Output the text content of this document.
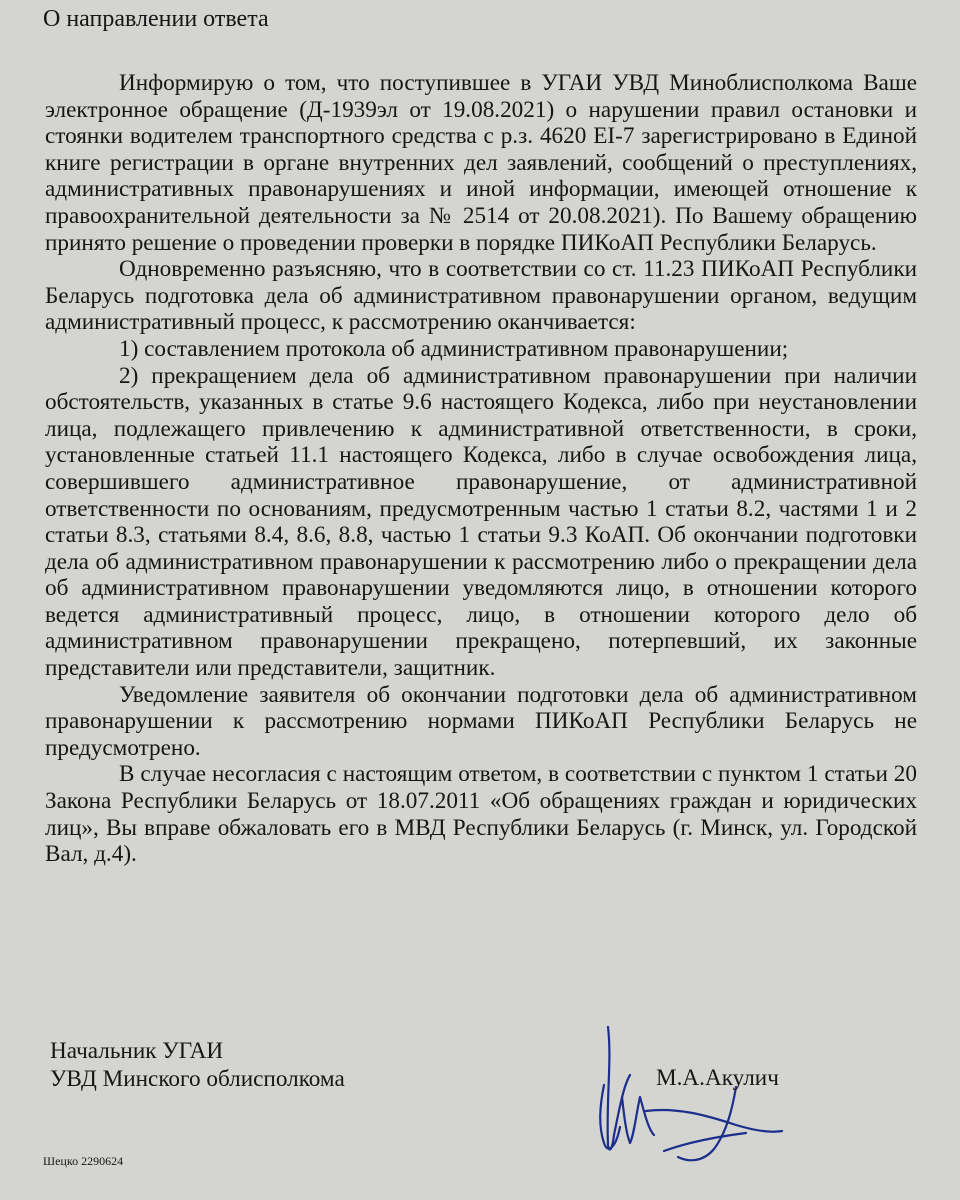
О направлении ответа

Информирую о том, что поступившее в УГАИ УВД Миноблисполкома Ваше электронное обращение (Д-1939эл от 19.08.2021) о нарушении правил остановки и стоянки водителем транспортного средства с р.з. 4620 EI-7 зарегистрировано в Единой книге регистрации в органе внутренних дел заявлений, сообщений о преступлениях, административных правонарушениях и иной информации, имеющей отношение к правоохранительной деятельности за № 2514 от 20.08.2021). По Вашему обращению принято решение о проведении проверки в порядке ПИКоАП Республики Беларусь.

Одновременно разъясняю, что в соответствии со ст. 11.23 ПИКоАП Республики Беларусь подготовка дела об административном правонарушении органом, ведущим административный процесс, к рассмотрению оканчивается:

1) составлением протокола об административном правонарушении;

2) прекращением дела об административном правонарушении при наличии обстоятельств, указанных в статье 9.6 настоящего Кодекса, либо при неустановлении лица, подлежащего привлечению к административной ответственности, в сроки, установленные статьей 11.1 настоящего Кодекса, либо в случае освобождения лица, совершившего административное правонарушение, от административной ответственности по основаниям, предусмотренным частью 1 статьи 8.2, частями 1 и 2 статьи 8.3, статьями 8.4, 8.6, 8.8, частью 1 статьи 9.3 КоАП. Об окончании подготовки дела об административном правонарушении к рассмотрению либо о прекращении дела об административном правонарушении уведомляются лицо, в отношении которого ведется административный процесс, лицо, в отношении которого дело об административном правонарушении прекращено, потерпевший, их законные представители или представители, защитник.

Уведомление заявителя об окончании подготовки дела об административном правонарушении к рассмотрению нормами ПИКоАП Республики Беларусь не предусмотрено.

В случае несогласия с настоящим ответом, в соответствии с пунктом 1 статьи 20 Закона Республики Беларусь от 18.07.2011 «Об обращениях граждан и юридических лиц», Вы вправе обжаловать его в МВД Республики Беларусь (г. Минск, ул. Городской Вал, д.4).

Начальник УГАИ
УВД Минского облисполкома	М.А.Акулич
Шецко 2290624
